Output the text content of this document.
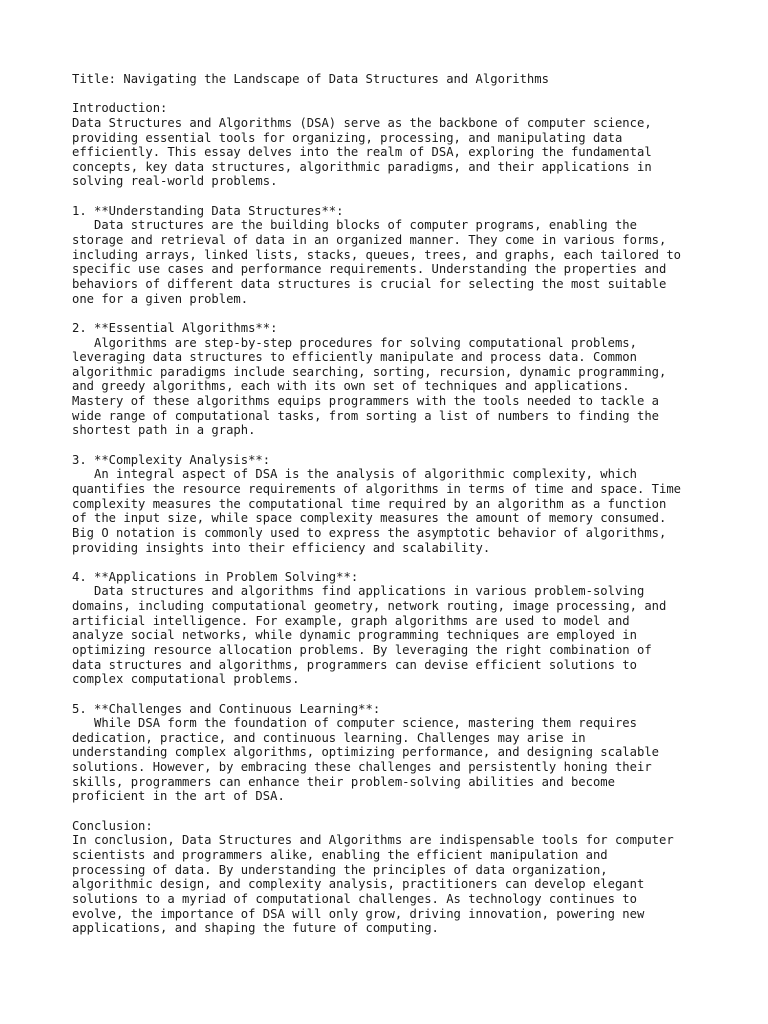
Title: Navigating the Landscape of Data Structures and Algorithms
Introduction:
Data Structures and Algorithms (DSA) serve as the backbone of computer science,
providing essential tools for organizing, processing, and manipulating data
efficiently. This essay delves into the realm of DSA, exploring the fundamental
concepts, key data structures, algorithmic paradigms, and their applications in
solving real-world problems.
1. **Understanding Data Structures**:
Data structures are the building blocks of computer programs, enabling the
storage and retrieval of data in an organized manner. They come in various forms,
including arrays, linked lists, stacks, queues, trees, and graphs, each tailored to
specific use cases and performance requirements. Understanding the properties and
behaviors of different data structures is crucial for selecting the most suitable
one for a given problem.
2. **Essential Algorithms**:
Algorithms are step-by-step procedures for solving computational problems,
leveraging data structures to efficiently manipulate and process data. Common
algorithmic paradigms include searching, sorting, recursion, dynamic programming,
and greedy algorithms, each with its own set of techniques and applications.
Mastery of these algorithms equips programmers with the tools needed to tackle a
wide range of computational tasks, from sorting a list of numbers to finding the
shortest path in a graph.
3. **Complexity Analysis**:
An integral aspect of DSA is the analysis of algorithmic complexity, which
quantifies the resource requirements of algorithms in terms of time and space. Time
complexity measures the computational time required by an algorithm as a function
of the input size, while space complexity measures the amount of memory consumed.
Big O notation is commonly used to express the asymptotic behavior of algorithms,
providing insights into their efficiency and scalability.
4. **Applications in Problem Solving**:
Data structures and algorithms find applications in various problem-solving
domains, including computational geometry, network routing, image processing, and
artificial intelligence. For example, graph algorithms are used to model and
analyze social networks, while dynamic programming techniques are employed in
optimizing resource allocation problems. By leveraging the right combination of
data structures and algorithms, programmers can devise efficient solutions to
complex computational problems.
5. **Challenges and Continuous Learning**:
While DSA form the foundation of computer science, mastering them requires
dedication, practice, and continuous learning. Challenges may arise in
understanding complex algorithms, optimizing performance, and designing scalable
solutions. However, by embracing these challenges and persistently honing their
skills, programmers can enhance their problem-solving abilities and become
proficient in the art of DSA.
Conclusion:
In conclusion, Data Structures and Algorithms are indispensable tools for computer
scientists and programmers alike, enabling the efficient manipulation and
processing of data. By understanding the principles of data organization,
algorithmic design, and complexity analysis, practitioners can develop elegant
solutions to a myriad of computational challenges. As technology continues to
evolve, the importance of DSA will only grow, driving innovation, powering new
applications, and shaping the future of computing.
